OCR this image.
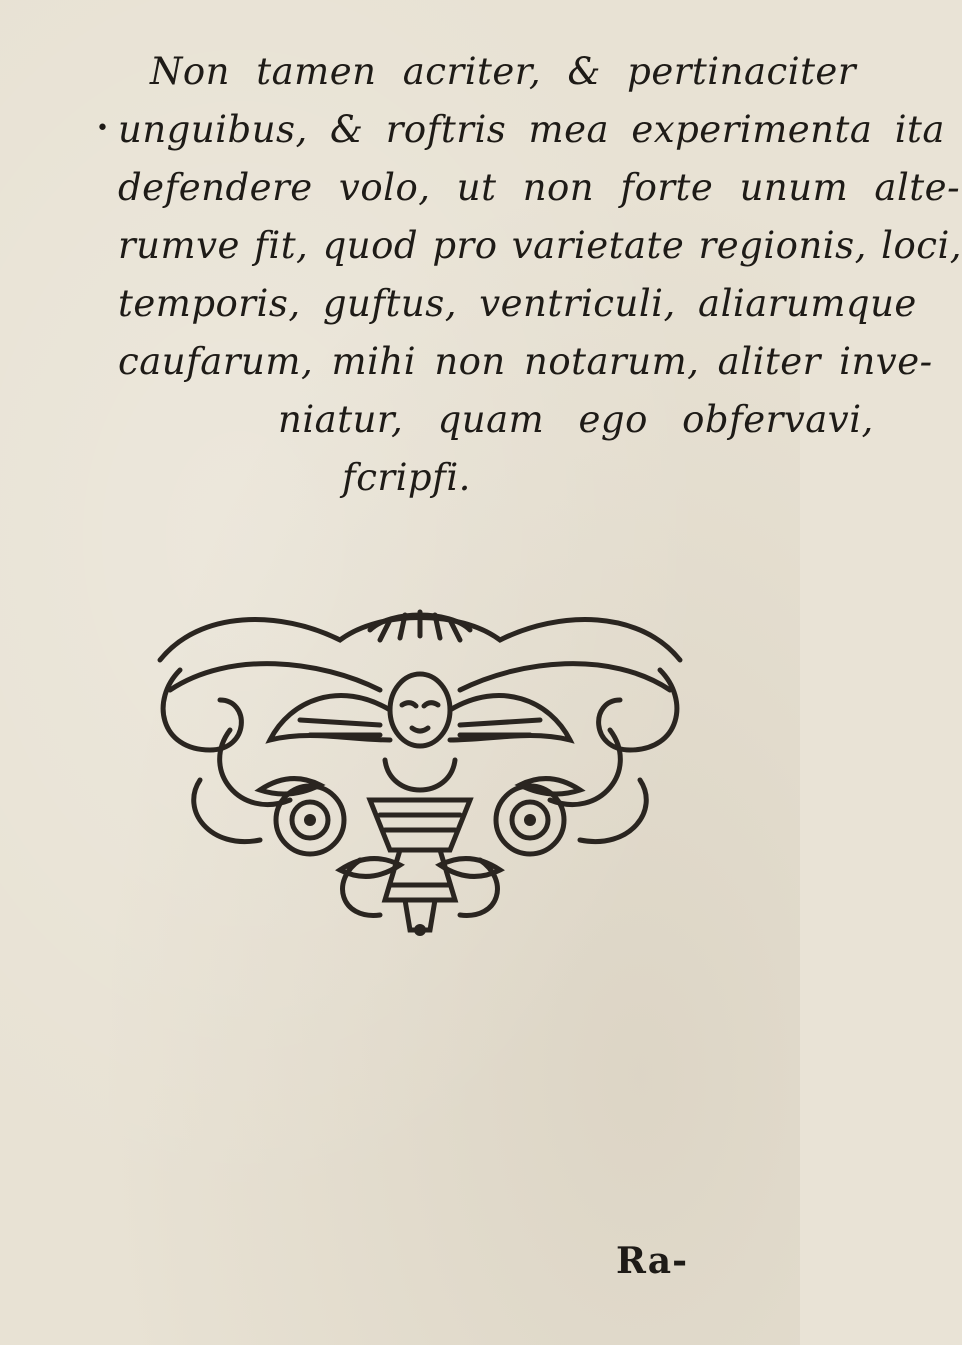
•
Non tamen acriter, & pertinaciter
unguibus, & roftris mea experimenta ita
defendere volo, ut non forte unum alte-
rumve fit, quod pro varietate regionis, loci,
temporis, guftus, ventriculi, aliarumque
caufarum, mihi non notarum, aliter inve-
niatur, quam ego obfervavi,
fcripfi.
Ra-
